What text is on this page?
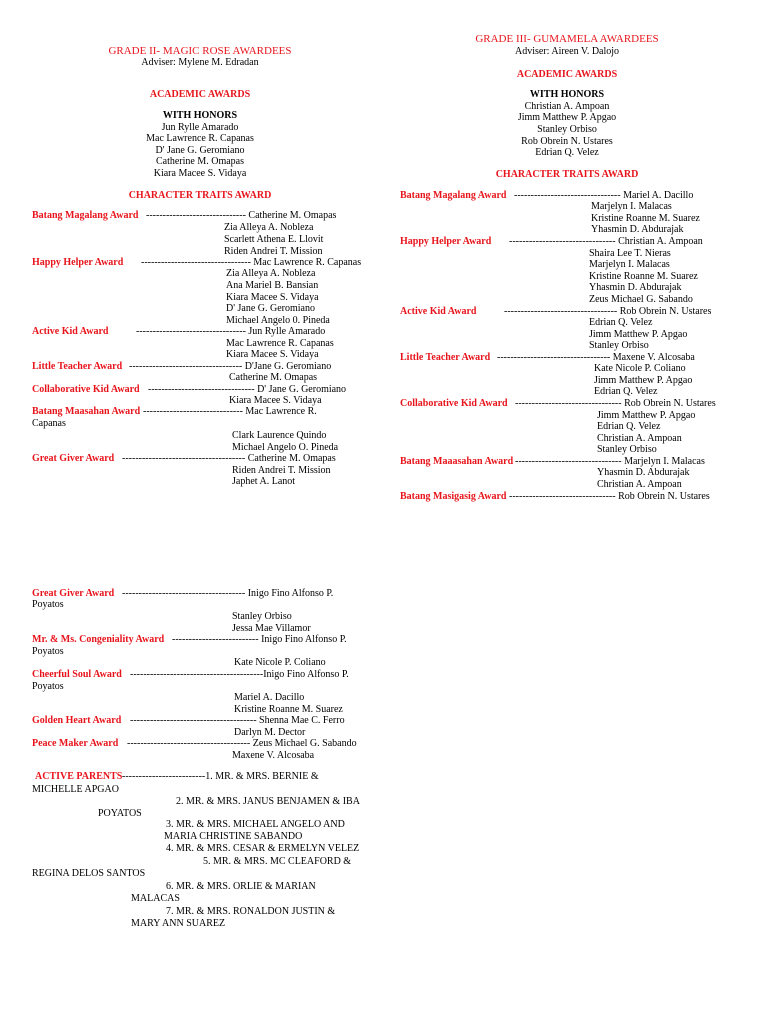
GRADE II- MAGIC ROSE AWARDEES
Adviser: Mylene M. Edradan
ACADEMIC AWARDS
WITH HONORS
Jun Rylle Amarado
Mac Lawrence R. Capanas
D' Jane G. Geromiano
Catherine M. Omapas
Kiara Macee S. Vidaya
CHARACTER TRAITS AWARD
Batang Magalang Award ------------------------------ Catherine M. Omapas
Zia Alleya A. Nobleza
Scarlett Athena E. Llovit
Riden Andrei T. Mission
Happy Helper Award --------------------------------- Mac Lawrence R. Capanas
Zia Alleya A. Nobleza
Ana Mariel B. Bansian
Kiara Macee S. Vidaya
D' Jane G. Geromiano
Michael Angelo 0. Pineda
Active Kid Award	--------------------------------- Jun Rylle Amarado
Mac Lawrence R. Capanas
Kiara Macee S. Vidaya
Little Teacher Award ---------------------------------- D'Jane G. Geromiano
Catherine M. Omapas
Collaborative Kid Award -------------------------------- D' Jane G. Geromiano
Kiara Macee S. Vidaya
Batang Maasahan Award ------------------------------ Mac Lawrence R.
Capanas
Clark Laurence Quindo
Michael Angelo O. Pineda
Great Giver Award ------------------------------------- Catherine M. Omapas
Riden Andrei T. Mission
Japhet A. Lanot
Great Giver Award ------------------------------------- Inigo Fino Alfonso P.
Poyatos
Stanley Orbiso
Jessa Mae Villamor
Mr. & Ms. Congeniality Award -------------------------- Inigo Fino Alfonso P.
Poyatos
Kate Nicole P. Coliano
Cheerful Soul Award ----------------------------------------Inigo Fino Alfonso P.
Poyatos
Mariel A. Dacillo
Kristine Roanne M. Suarez
Golden Heart Award -------------------------------------- Shenna Mae C. Ferro
Darlyn M. Dector
Peace Maker Award ------------------------------------- Zeus Michael G. Sabando
Maxene V. Alcosaba
ACTIVE PARENTS -------------------------1. MR. & MRS. BERNIE &
MICHELLE APGAO
2. MR. & MRS. JANUS BENJAMEN & IBA
POYATOS
3. MR. & MRS. MICHAEL ANGELO AND
MARIA CHRISTINE SABANDO
4. MR. & MRS. CESAR & ERMELYN VELEZ
5. MR. & MRS. MC CLEAFORD &
REGINA DELOS SANTOS
6. MR. & MRS. ORLIE & MARIAN
MALACAS
7. MR. & MRS. RONALDON JUSTIN &
MARY ANN SUAREZ
GRADE III- GUMAMELA AWARDEES
Adviser: Aireen V. Dalojo
ACADEMIC AWARDS
WITH HONORS
Christian A. Ampoan
Jimm Matthew P. Apgao
Stanley Orbiso
Rob Obrein N. Ustares
Edrian Q. Velez
CHARACTER TRAITS AWARD
Batang Magalang Award -------------------------------- Mariel A. Dacillo
Marjelyn I. Malacas
Kristine Roanne M. Suarez
Yhasmin D. Abdurajak
Happy Helper Award -------------------------------- Christian A. Ampoan
Shaira Lee T. Nieras
Marjelyn I. Malacas
Kristine Roanne M. Suarez
Yhasmin D. Abdurajak
Zeus Michael G. Sabando
Active Kid Award	---------------------------------- Rob Obrein N. Ustares
Edrian Q. Velez
Jimm Matthew P. Apgao
Stanley Orbiso
Little Teacher Award ---------------------------------- Maxene V. Alcosaba
Kate Nicole P. Coliano
Jimm Matthew P. Apgao
Edrian Q. Velez
Collaborative Kid Award -------------------------------- Rob Obrein N. Ustares
Jimm Matthew P. Apgao
Edrian Q. Velez
Christian A. Ampoan
Stanley Orbiso
Batang Maaasahan Award -------------------------------- Marjelyn I. Malacas
Yhasmin D. Abdurajak
Christian A. Ampoan
Batang Masigasig Award -------------------------------- Rob Obrein N. Ustares
